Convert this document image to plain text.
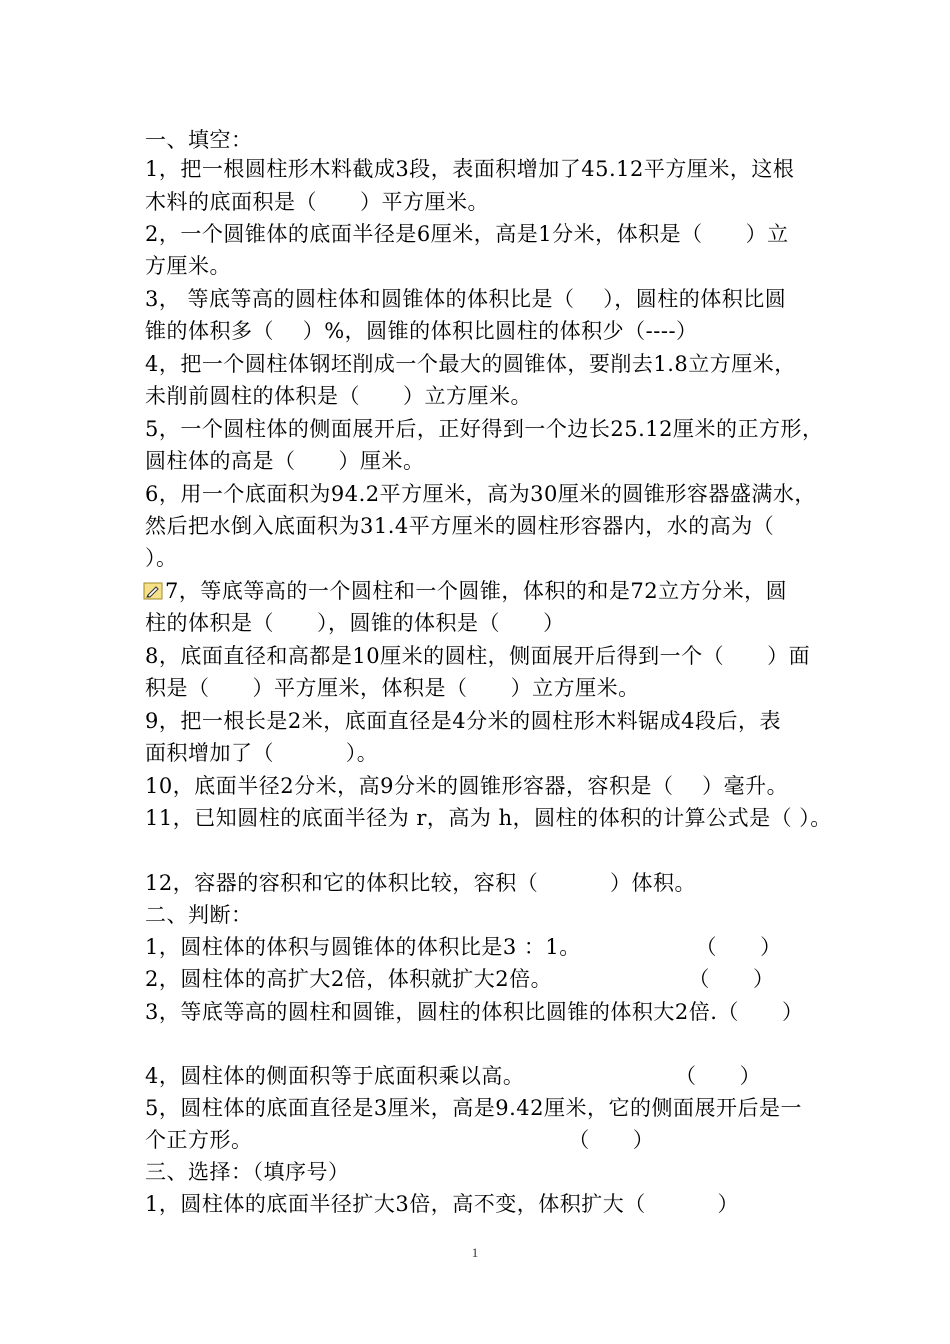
一、填空：
1，把一根圆柱形木料截成3段，表面积增加了45.12平方厘米，这根
木料的底面积是（      ）平方厘米。
2，一个圆锥体的底面半径是6厘米，高是1分米，体积是（      ）立
方厘米。
3， 等底等高的圆柱体和圆锥体的体积比是（    ），圆柱的体积比圆
锥的体积多（    ）%，圆锥的体积比圆柱的体积少（----）
4，把一个圆柱体钢坯削成一个最大的圆锥体，要削去1.8立方厘米，
未削前圆柱的体积是（      ）立方厘米。
5，一个圆柱体的侧面展开后，正好得到一个边长25.12厘米的正方形，
圆柱体的高是（      ）厘米。
6，用一个底面积为94.2平方厘米，高为30厘米的圆锥形容器盛满水，
然后把水倒入底面积为31.4平方厘米的圆柱形容器内，水的高为（
）。
7，等底等高的一个圆柱和一个圆锥，体积的和是72立方分米，圆
柱的体积是（      ），圆锥的体积是（      ）
8，底面直径和高都是10厘米的圆柱，侧面展开后得到一个（      ）面
积是（      ）平方厘米，体积是（      ）立方厘米。
9，把一根长是2米，底面直径是4分米的圆柱形木料锯成4段后，表
面积增加了（          ）。
10，底面半径2分米，高9分米的圆锥形容器，容积是（    ）毫升。
11，已知圆柱的底面半径为 r，高为 h，圆柱的体积的计算公式是（ ）。
12，容器的容积和它的体积比较，容积（          ）体积。
二、判断：
1，圆柱体的体积与圆锥体的体积比是3 ：1。                （      ）
2，圆柱体的高扩大2倍，体积就扩大2倍。                   （      ）
3，等底等高的圆柱和圆锥，圆柱的体积比圆锥的体积大2倍.（      ）
4，圆柱体的侧面积等于底面积乘以高。                     （      ）
5，圆柱体的底面直径是3厘米，高是9.42厘米，它的侧面展开后是一
个正方形。                                            （      ）
三、选择：（填序号）
1，圆柱体的底面半径扩大3倍，高不变，体积扩大（          ）
1
